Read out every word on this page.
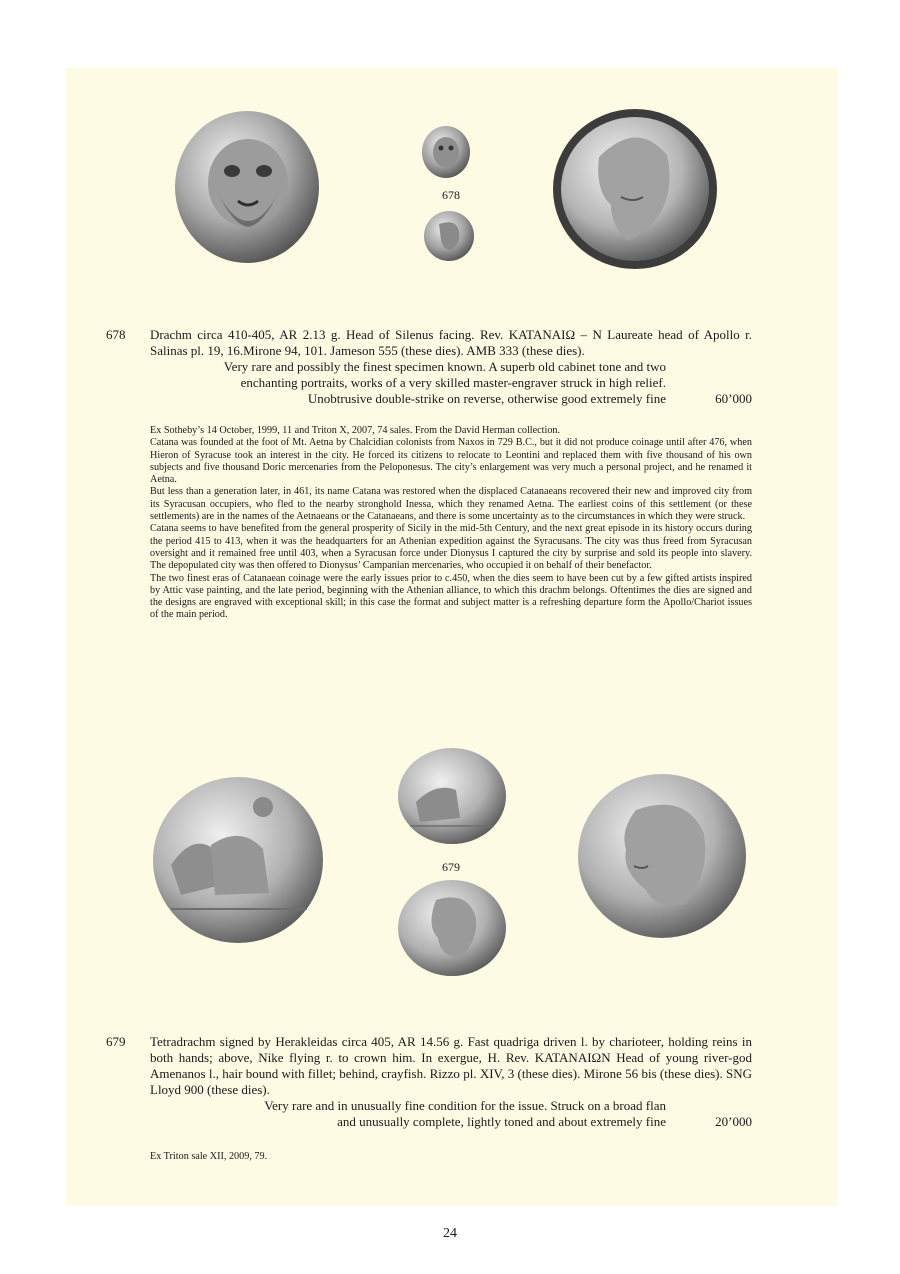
678
678 Drachm circa 410-405, AR 2.13 g. Head of Silenus facing. Rev. ΚΑΤΑΝΑΙΩ – Ν Laureate head of Apollo r. Salinas pl. 19, 16.Mirone 94, 101. Jameson 555 (these dies). AMB 333 (these dies).
Very rare and possibly the finest specimen known. A superb old cabinet tone and two
enchanting portraits, works of a very skilled master-engraver struck in high relief.
Unobtrusive double-strike on reverse, otherwise good extremely fine	60’000

Ex Sotheby’s 14 October, 1999, 11 and Triton X, 2007, 74 sales. From the David Herman collection.

Catana was founded at the foot of Mt. Aetna by Chalcidian colonists from Naxos in 729 B.C., but it did not produce coinage until after 476, when Hieron of Syracuse took an interest in the city. He forced its citizens to relocate to Leontini and replaced them with five thousand of his own subjects and five thousand Doric mercenaries from the Peloponesus. The city’s enlargement was very much a personal project, and he renamed it Aetna.

But less than a generation later, in 461, its name Catana was restored when the displaced Catanaeans recovered their new and improved city from its Syracusan occupiers, who fled to the nearby stronghold Inessa, which they renamed Aetna. The earliest coins of this settlement (or these settlements) are in the names of the Aetnaeans or the Catanaeans, and there is some uncertainty as to the circumstances in which they were struck.

Catana seems to have benefited from the general prosperity of Sicily in the mid-5th Century, and the next great episode in its history occurs during the period 415 to 413, when it was the headquarters for an Athenian expedition against the Syracusans. The city was thus freed from Syracusan oversight and it remained free until 403, when a Syracusan force under Dionysus I captured the city by surprise and sold its people into slavery. The depopulated city was then offered to Dionysus’ Campanian mercenaries, who occupied it on behalf of their benefactor.

The two finest eras of Catanaean coinage were the early issues prior to c.450, when the dies seem to have been cut by a few gifted artists inspired by Attic vase painting, and the late period, beginning with the Athenian alliance, to which this drachm belongs. Oftentimes the dies are signed and the designs are engraved with exceptional skill; in this case the format and subject matter is a refreshing departure form the Apollo/Chariot issues of the main period.

679
679 Tetradrachm signed by Herakleidas circa 405, AR 14.56 g. Fast quadriga driven l. by charioteer, holding reins in both hands; above, Nike flying r. to crown him. In exergue, H. Rev. ΚΑΤΑΝΑΙΩΝ Head of young river-god Amenanos l., hair bound with fillet; behind, crayfish. Rizzo pl. XIV, 3 (these dies). Mirone 56 bis (these dies). SNG Lloyd 900 (these dies).
Very rare and in unusually fine condition for the issue. Struck on a broad flan
and unusually complete, lightly toned and about extremely fine	20’000

Ex Triton sale XII, 2009, 79.

24
